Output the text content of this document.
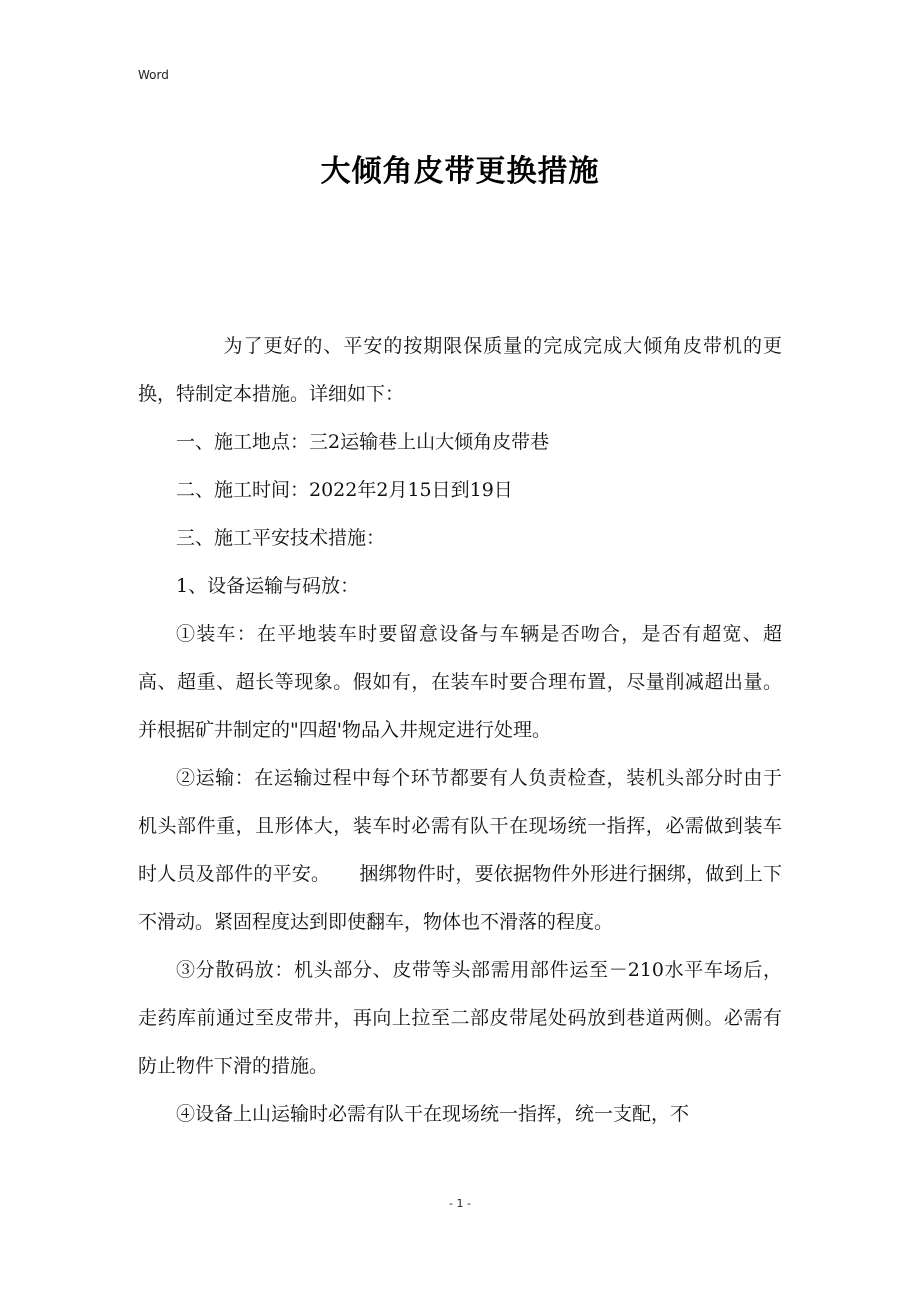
Word
大倾角皮带更换措施

为了更好的、平安的按期限保质量的完成完成大倾角皮带机的更换，特制定本措施。详细如下：

一、施工地点：三2运输巷上山大倾角皮带巷

二、施工时间：2022年2月15日到19日

三、施工平安技术措施：

1、设备运输与码放：

①装车：在平地装车时要留意设备与车辆是否吻合，是否有超宽、超高、超重、超长等现象。假如有，在装车时要合理布置，尽量削减超出量。并根据矿井制定的"四超'物品入井规定进行处理。

②运输：在运输过程中每个环节都要有人负责检查，装机头部分时由于机头部件重，且形体大，装车时必需有队干在现场统一指挥，必需做到装车时人员及部件的平安。　　捆绑物件时，要依据物件外形进行捆绑，做到上下不滑动。紧固程度达到即使翻车，物体也不滑落的程度。

③分散码放：机头部分、皮带等头部需用部件运至－210水平车场后，走药库前通过至皮带井，再向上拉至二部皮带尾处码放到巷道两侧。必需有防止物件下滑的措施。

④设备上山运输时必需有队干在现场统一指挥，统一支配，不

- 1 -
